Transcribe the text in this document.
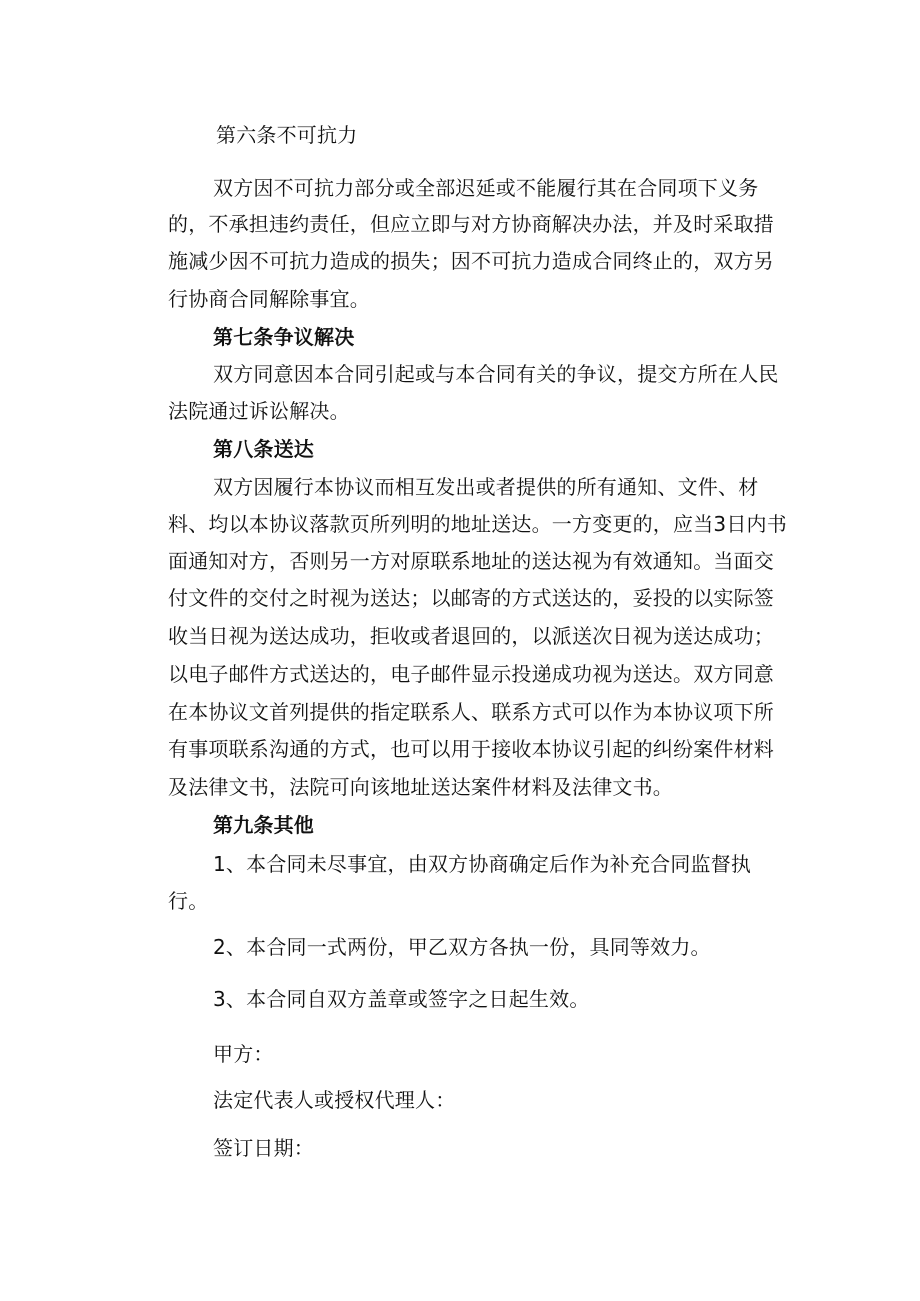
第六条不可抗力
双方因不可抗力部分或全部迟延或不能履行其在合同项下义务
的，不承担违约责任，但应立即与对方协商解决办法，并及时采取措
施减少因不可抗力造成的损失；因不可抗力造成合同终止的，双方另
行协商合同解除事宜。
第七条争议解决
双方同意因本合同引起或与本合同有关的争议，提交方所在人民
法院通过诉讼解决。
第八条送达
双方因履行本协议而相互发出或者提供的所有通知、文件、材
料、均以本协议落款页所列明的地址送达。一方变更的，应当3日内书
面通知对方，否则另一方对原联系地址的送达视为有效通知。当面交
付文件的交付之时视为送达；以邮寄的方式送达的，妥投的以实际签
收当日视为送达成功，拒收或者退回的，以派送次日视为送达成功；
以电子邮件方式送达的，电子邮件显示投递成功视为送达。双方同意
在本协议文首列提供的指定联系人、联系方式可以作为本协议项下所
有事项联系沟通的方式，也可以用于接收本协议引起的纠纷案件材料
及法律文书，法院可向该地址送达案件材料及法律文书。
第九条其他
1、本合同未尽事宜，由双方协商确定后作为补充合同监督执
行。
2、本合同一式两份，甲乙双方各执一份，具同等效力。
3、本合同自双方盖章或签字之日起生效。
甲方：
法定代表人或授权代理人：
签订日期：
